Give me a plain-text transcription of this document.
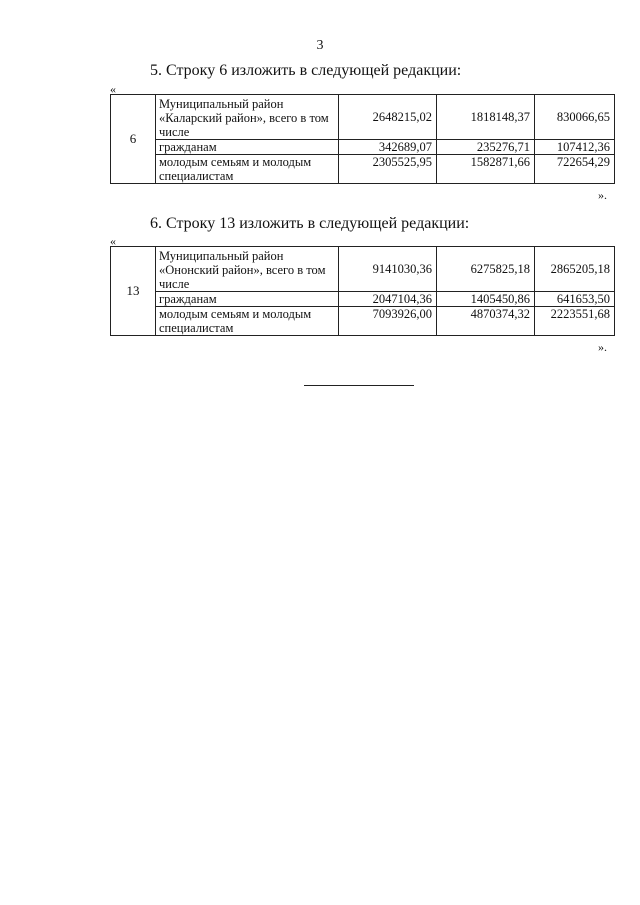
3
5. Строку 6 изложить в следующей редакции:
«
6	Муниципальный район «Каларский район», всего в том числе	2648215,02	1818148,37	830066,65
	гражданам	342689,07	235276,71	107412,36
	молодым семьям и молодым специалистам	2305525,95	1582871,66	722654,29
».
6. Строку 13 изложить в следующей редакции:
«
13	Муниципальный район «Ононский район», всего в том числе	9141030,36	6275825,18	2865205,18
	гражданам	2047104,36	1405450,86	641653,50
	молодым семьям и молодым специалистам	7093926,00	4870374,32	2223551,68
».
